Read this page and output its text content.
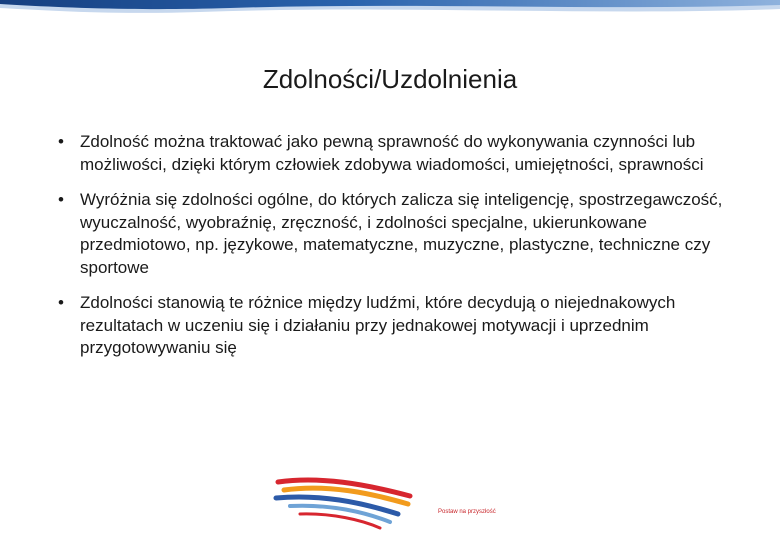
Zdolności/Uzdolnienia
• Zdolność można traktować jako pewną sprawność do wykonywania czynności lub możliwości, dzięki którym człowiek zdobywa wiadomości, umiejętności, sprawności
• Wyróżnia się zdolności ogólne, do których zalicza się inteligencję, spostrzegawczość, wyuczalność, wyobraźnię, zręczność, i zdolności specjalne, ukierunkowane przedmiotowo, np. językowe, matematyczne, muzyczne, plastyczne, techniczne czy sportowe
• Zdolności stanowią te różnice między ludźmi, które decydują o niejednakowych rezultatach w uczeniu się i działaniu przy jednakowej motywacji i uprzednim przygotowywaniu się
Postaw na przyszłość
